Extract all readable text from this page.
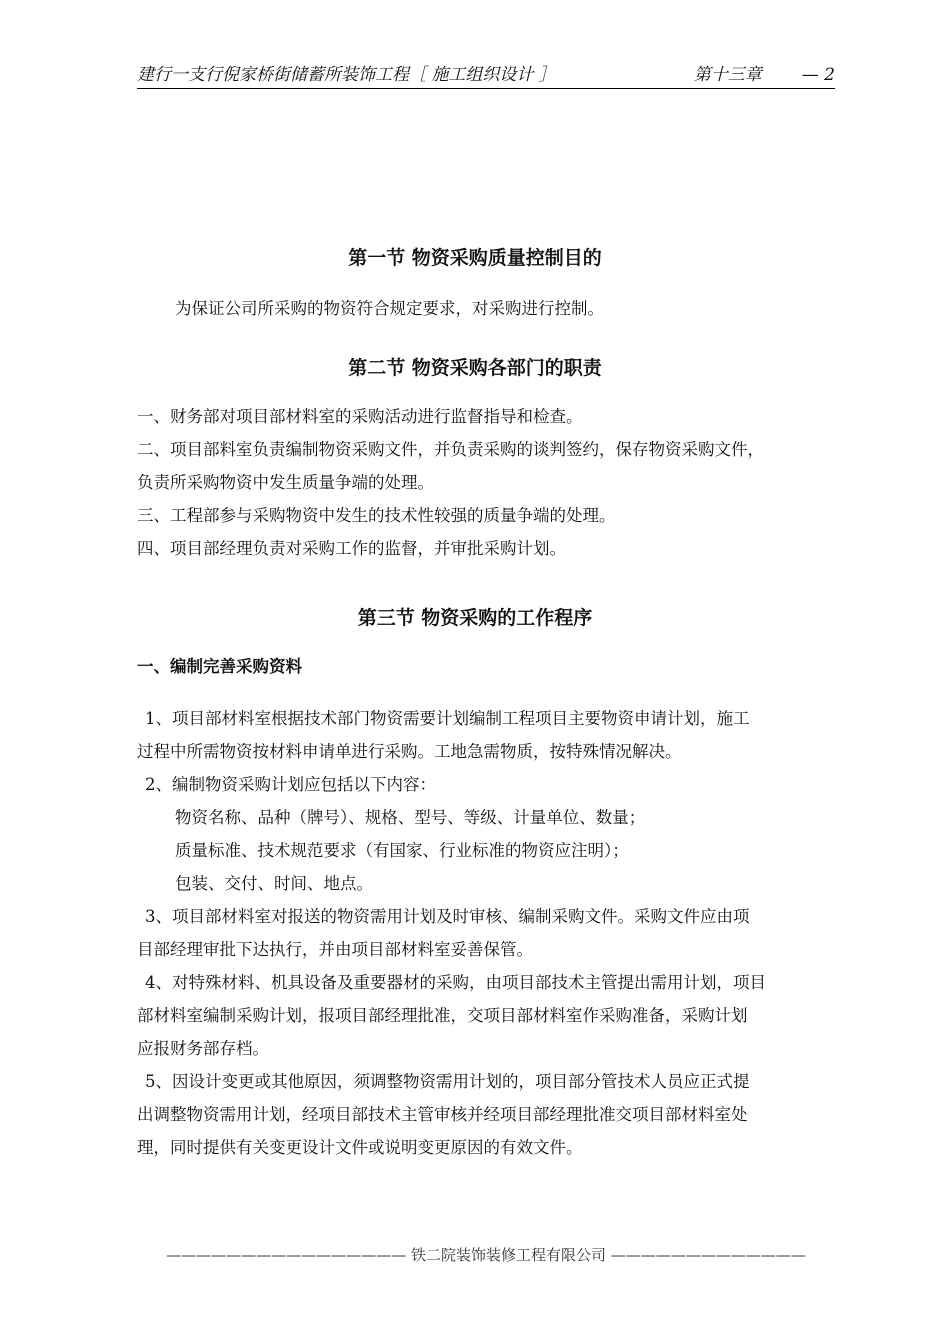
建行一支行倪家桥街储蓄所装饰工程［ 施工组织设计 ］	第十三章 — 2
第一节 物资采购质量控制目的
为保证公司所采购的物资符合规定要求，对采购进行控制。
第二节 物资采购各部门的职责
一、财务部对项目部材料室的采购活动进行监督指导和检查。
二、项目部料室负责编制物资采购文件，并负责采购的谈判签约，保存物资采购文件，
负责所采购物资中发生质量争端的处理。
三、工程部参与采购物资中发生的技术性较强的质量争端的处理。
四、项目部经理负责对采购工作的监督，并审批采购计划。
第三节 物资采购的工作程序
一、编制完善采购资料
1、项目部材料室根据技术部门物资需要计划编制工程项目主要物资申请计划，施工
过程中所需物资按材料申请单进行采购。工地急需物质，按特殊情况解决。
2、编制物资采购计划应包括以下内容：
物资名称、品种（牌号）、规格、型号、等级、计量单位、数量；
质量标准、技术规范要求（有国家、行业标准的物资应注明）；
包装、交付、时间、地点。
3、项目部材料室对报送的物资需用计划及时审核、编制采购文件。采购文件应由项
目部经理审批下达执行，并由项目部材料室妥善保管。
4、对特殊材料、机具设备及重要器材的采购，由项目部技术主管提出需用计划，项目
部材料室编制采购计划，报项目部经理批准，交项目部材料室作采购准备，采购计划
应报财务部存档。
5、因设计变更或其他原因，须调整物资需用计划的，项目部分管技术人员应正式提
出调整物资需用计划，经项目部技术主管审核并经项目部经理批准交项目部材料室处
理，同时提供有关变更设计文件或说明变更原因的有效文件。
———————————————— 铁二院装饰装修工程有限公司 —————————————
